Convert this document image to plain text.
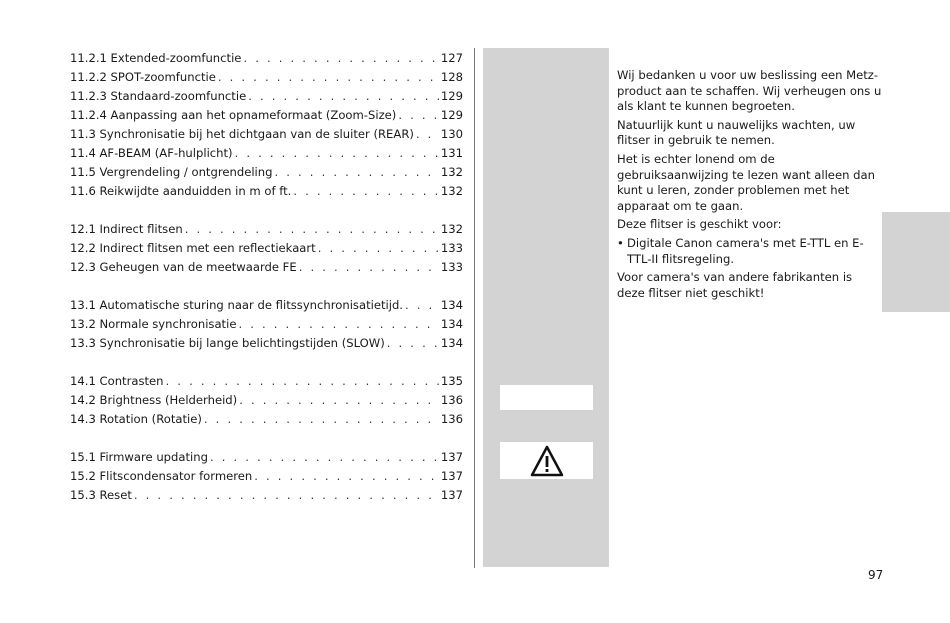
11.2.1 Extended-zoomfunctie . . .	127
11.2.2 SPOT-zoomfunctie . . .	128
11.2.3 Standaard-zoomfunctie . . .	129
11.2.4 Aanpassing aan het opnameformaat (Zoom-Size) . . .	129
11.3 Synchronisatie bij het dichtgaan van de sluiter (REAR) . . . 130
11.4 AF-BEAM (AF-hulplicht) . . .	131
11.5 Vergrendeling / ontgrendeling . . .	132
11.6 Reikwijdte aanduidden in m of ft. . . .	132
12.1 Indirect flitsen . . .	132
12.2 Indirect flitsen met een reflectiekaart . . .	133
12.3 Geheugen van de meetwaarde FE . . .	133
13.1 Automatische sturing naar de flitssynchronisatietijd. . . .	134
13.2 Normale synchronisatie . . .	134
13.3 Synchronisatie bij lange belichtingstijden (SLOW) . . .	134
14.1 Contrasten . . .	135
14.2 Brightness (Helderheid) . . .	136
14.3 Rotation (Rotatie) . . .	136
15.1 Firmware updating . . .	137
15.2 Flitscondensator formeren . . .	137
15.3 Reset . . .	137

Wij bedanken u voor uw beslissing een Metz-product aan te schaffen. Wij verheugen ons u als klant te kunnen begroeten.

Natuurlijk kunt u nauwelijks wachten, uw flitser in gebruik te nemen.

Het is echter lonend om de gebruiksaanwijzing te lezen want alleen dan kunt u leren, zonder problemen met het apparaat om te gaan.

Deze flitser is geschikt voor:

• Digitale Canon camera's met E-TTL en E-TTL-II flitsregeling.

Voor camera's van andere fabrikanten is deze flitser niet geschikt!

97
